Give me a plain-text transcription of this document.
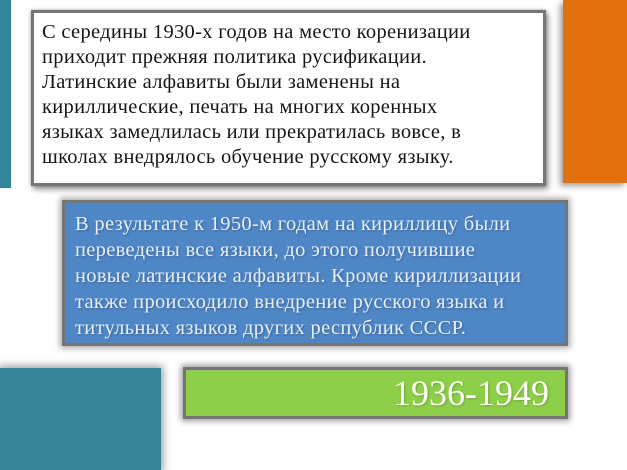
С середины 1930-х годов на место коренизации
приходит прежняя политика русификации.
Латинские алфавиты были заменены на
кириллические, печать на многих коренных
языках замедлилась или прекратилась вовсе, в
школах внедрялось обучение русскому языку.
В результате к 1950-м годам на кириллицу были
переведены все языки, до этого получившие
новые латинские алфавиты. Кроме кириллизации
также происходило внедрение русского языка и
титульных языков других республик СССР.
1936-1949
